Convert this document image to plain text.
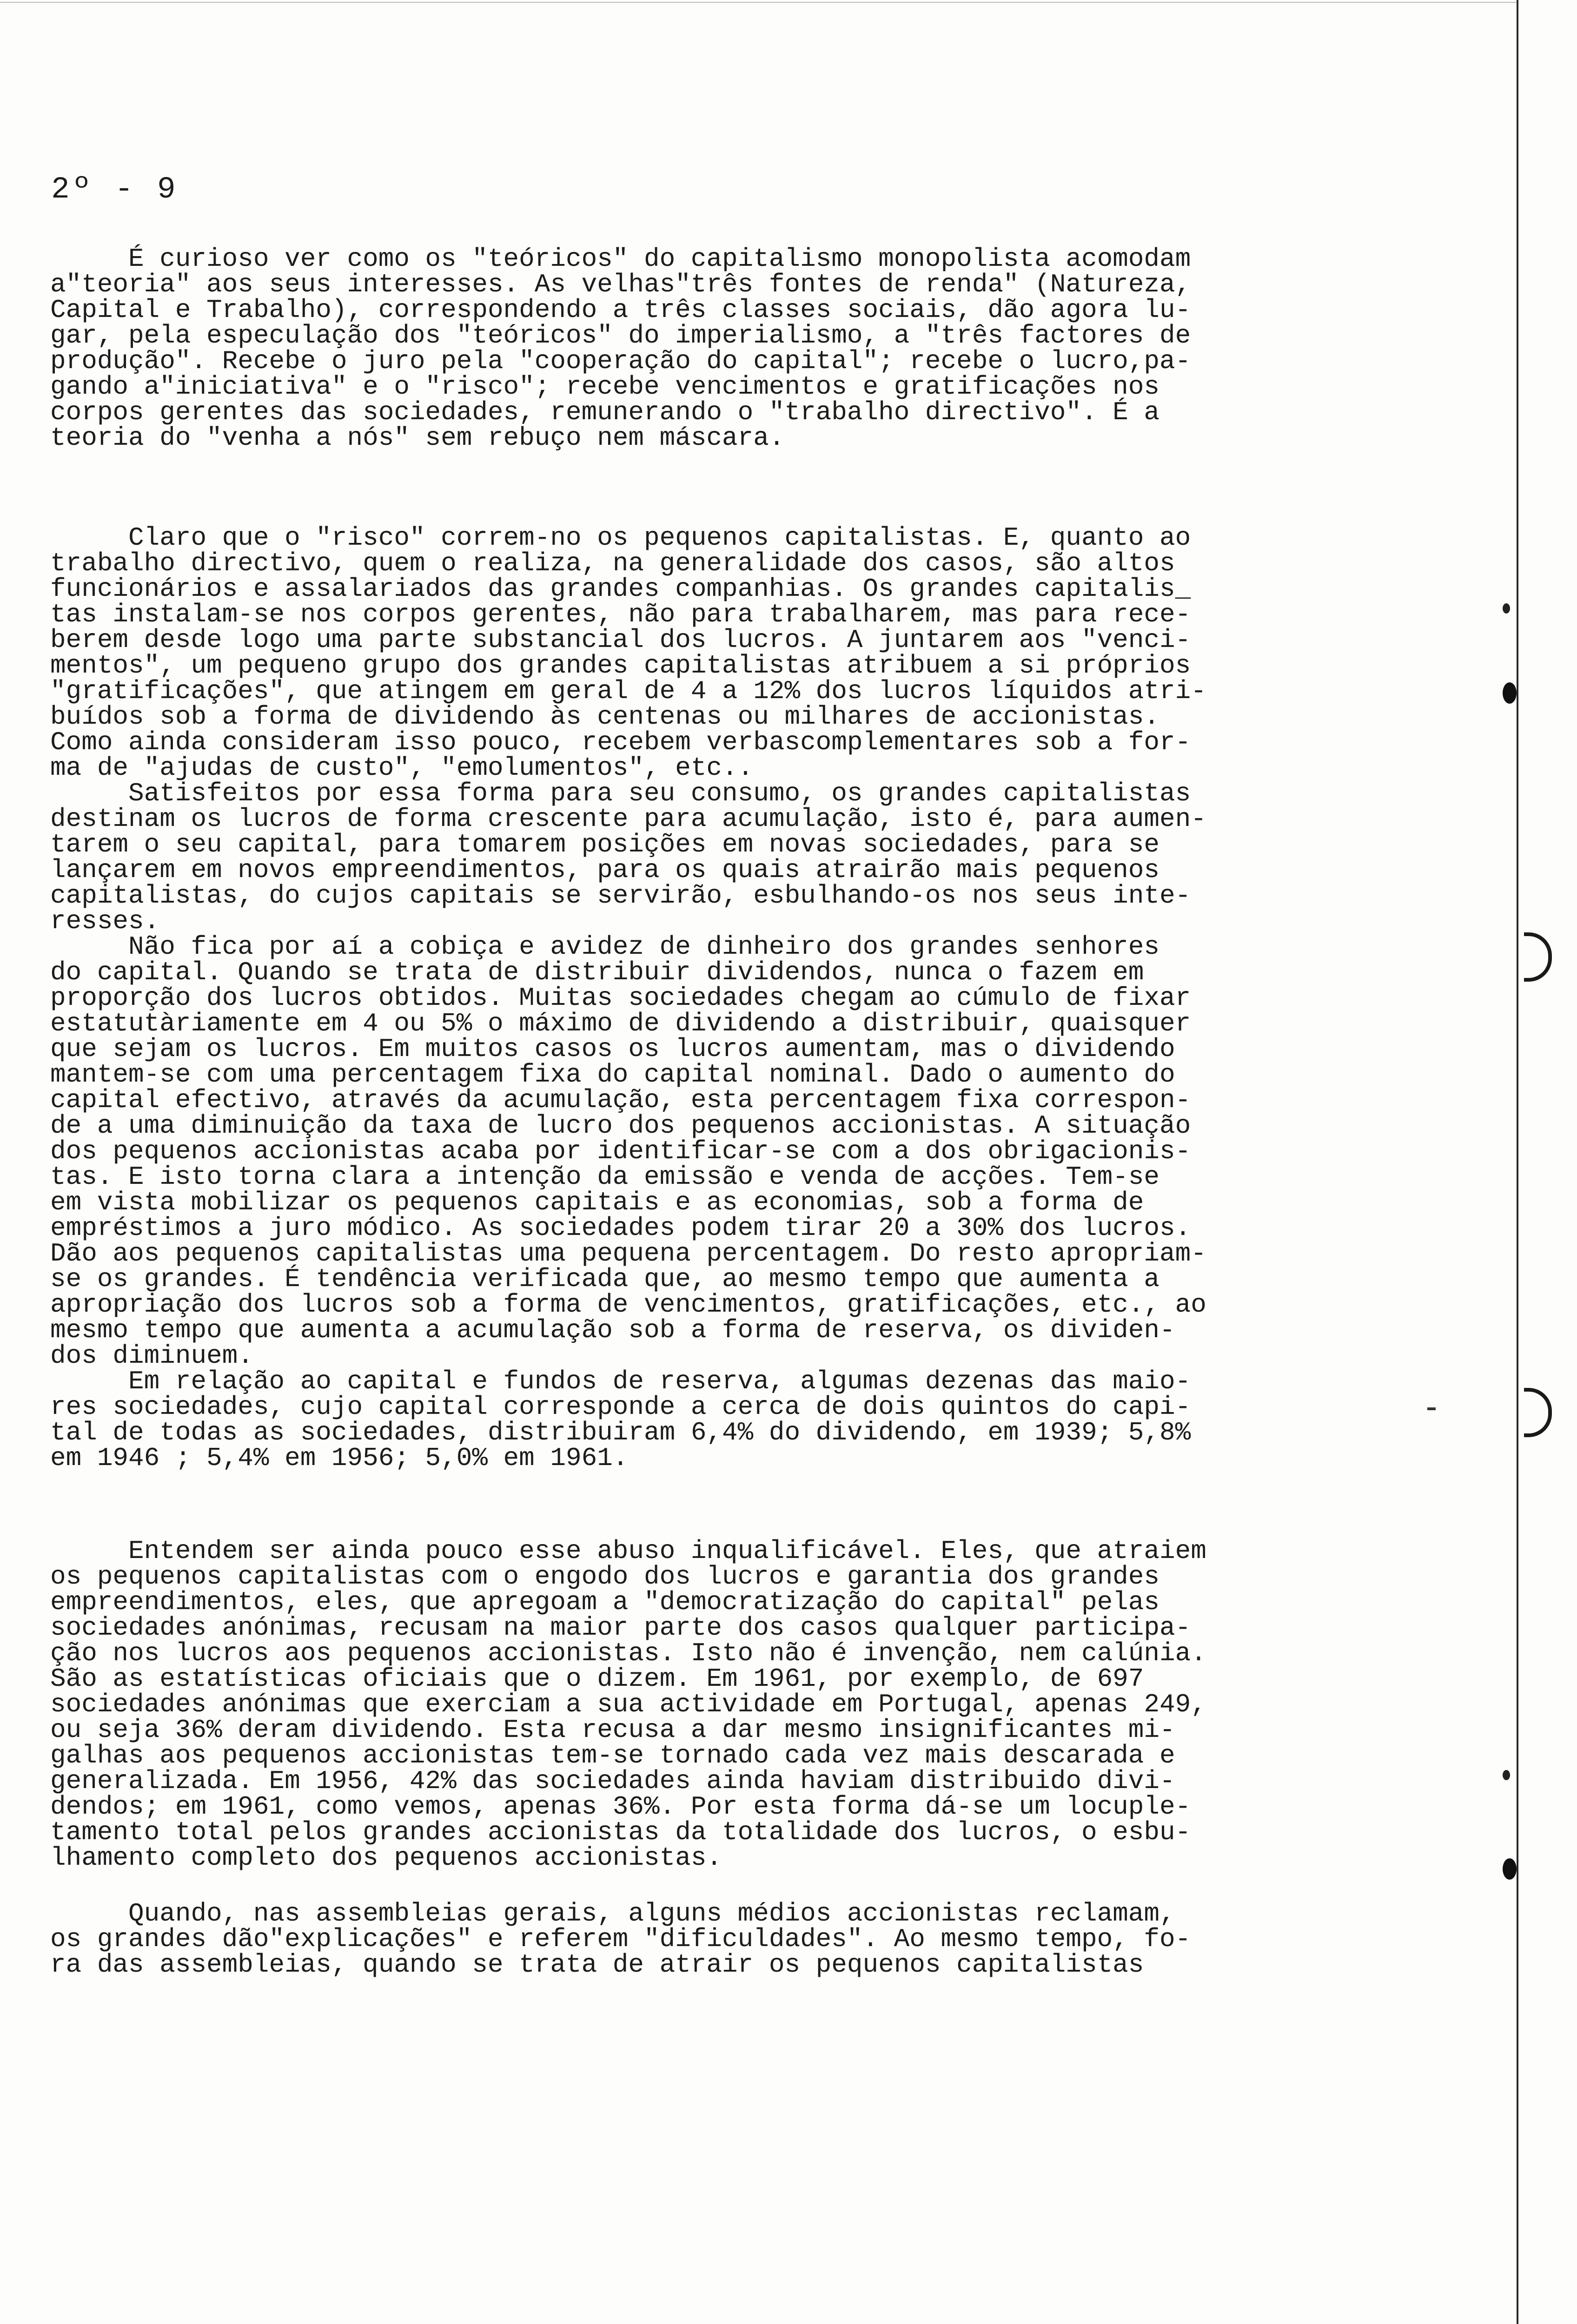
2º - 9
É curioso ver como os "teóricos" do capitalismo monopolista acomodam
a"teoria" aos seus interesses. As velhas"três fontes de renda" (Natureza,
Capital e Trabalho), correspondendo a três classes sociais, dão agora lu-
gar, pela especulação dos "teóricos" do imperialismo, a "três factores de
produção". Recebe o juro pela "cooperação do capital"; recebe o lucro,pa-
gando a"iniciativa" e o "risco"; recebe vencimentos e gratificações nos
corpos gerentes das sociedades, remunerando o "trabalho directivo". É a
teoria do "venha a nós" sem rebuço nem máscara.
Claro que o "risco" correm-no os pequenos capitalistas. E, quanto ao
trabalho directivo, quem o realiza, na generalidade dos casos, são altos
funcionários e assalariados das grandes companhias. Os grandes capitalis_
tas instalam-se nos corpos gerentes, não para trabalharem, mas para rece-
berem desde logo uma parte substancial dos lucros. A juntarem aos "venci-
mentos", um pequeno grupo dos grandes capitalistas atribuem a si próprios
"gratificações", que atingem em geral de 4 a 12% dos lucros líquidos atri-
buídos sob a forma de dividendo às centenas ou milhares de accionistas.
Como ainda consideram isso pouco, recebem verbascomplementares sob a for-
ma de "ajudas de custo", "emolumentos", etc..
Satisfeitos por essa forma para seu consumo, os grandes capitalistas
destinam os lucros de forma crescente para acumulação, isto é, para aumen-
tarem o seu capital, para tomarem posições em novas sociedades, para se
lançarem em novos empreendimentos, para os quais atrairão mais pequenos
capitalistas, do cujos capitais se servirão, esbulhando-os nos seus inte-
resses.
Não fica por aí a cobiça e avidez de dinheiro dos grandes senhores
do capital. Quando se trata de distribuir dividendos, nunca o fazem em
proporção dos lucros obtidos. Muitas sociedades chegam ao cúmulo de fixar
estatutàriamente em 4 ou 5% o máximo de dividendo a distribuir, quaisquer
que sejam os lucros. Em muitos casos os lucros aumentam, mas o dividendo
mantem-se com uma percentagem fixa do capital nominal. Dado o aumento do
capital efectivo, através da acumulação, esta percentagem fixa correspon-
de a uma diminuição da taxa de lucro dos pequenos accionistas. A situação
dos pequenos accionistas acaba por identificar-se com a dos obrigacionis-
tas. E isto torna clara a intenção da emissão e venda de acções. Tem-se
em vista mobilizar os pequenos capitais e as economias, sob a forma de
empréstimos a juro módico. As sociedades podem tirar 20 a 30% dos lucros.
Dão aos pequenos capitalistas uma pequena percentagem. Do resto apropriam-
se os grandes. É tendência verificada que, ao mesmo tempo que aumenta a
apropriação dos lucros sob a forma de vencimentos, gratificações, etc., ao
mesmo tempo que aumenta a acumulação sob a forma de reserva, os dividen-
dos diminuem.
Em relação ao capital e fundos de reserva, algumas dezenas das maio-
res sociedades, cujo capital corresponde a cerca de dois quintos do capi-
tal de todas as sociedades, distribuiram 6,4% do dividendo, em 1939; 5,8%
em 1946 ; 5,4% em 1956; 5,0% em 1961.
Entendem ser ainda pouco esse abuso inqualificável. Eles, que atraiem
os pequenos capitalistas com o engodo dos lucros e garantia dos grandes
empreendimentos, eles, que apregoam a "democratização do capital" pelas
sociedades anónimas, recusam na maior parte dos casos qualquer participa-
ção nos lucros aos pequenos accionistas. Isto não é invenção, nem calúnia.
São as estatísticas oficiais que o dizem. Em 1961, por exemplo, de 697
sociedades anónimas que exerciam a sua actividade em Portugal, apenas 249,
ou seja 36% deram dividendo. Esta recusa a dar mesmo insignificantes mi-
galhas aos pequenos accionistas tem-se tornado cada vez mais descarada e
generalizada. Em 1956, 42% das sociedades ainda haviam distribuido divi-
dendos; em 1961, como vemos, apenas 36%. Por esta forma dá-se um locuple-
tamento total pelos grandes accionistas da totalidade dos lucros, o esbu-
lhamento completo dos pequenos accionistas.
Quando, nas assembleias gerais, alguns médios accionistas reclamam,
os grandes dão"explicações" e referem "dificuldades". Ao mesmo tempo, fo-
ra das assembleias, quando se trata de atrair os pequenos capitalistas
